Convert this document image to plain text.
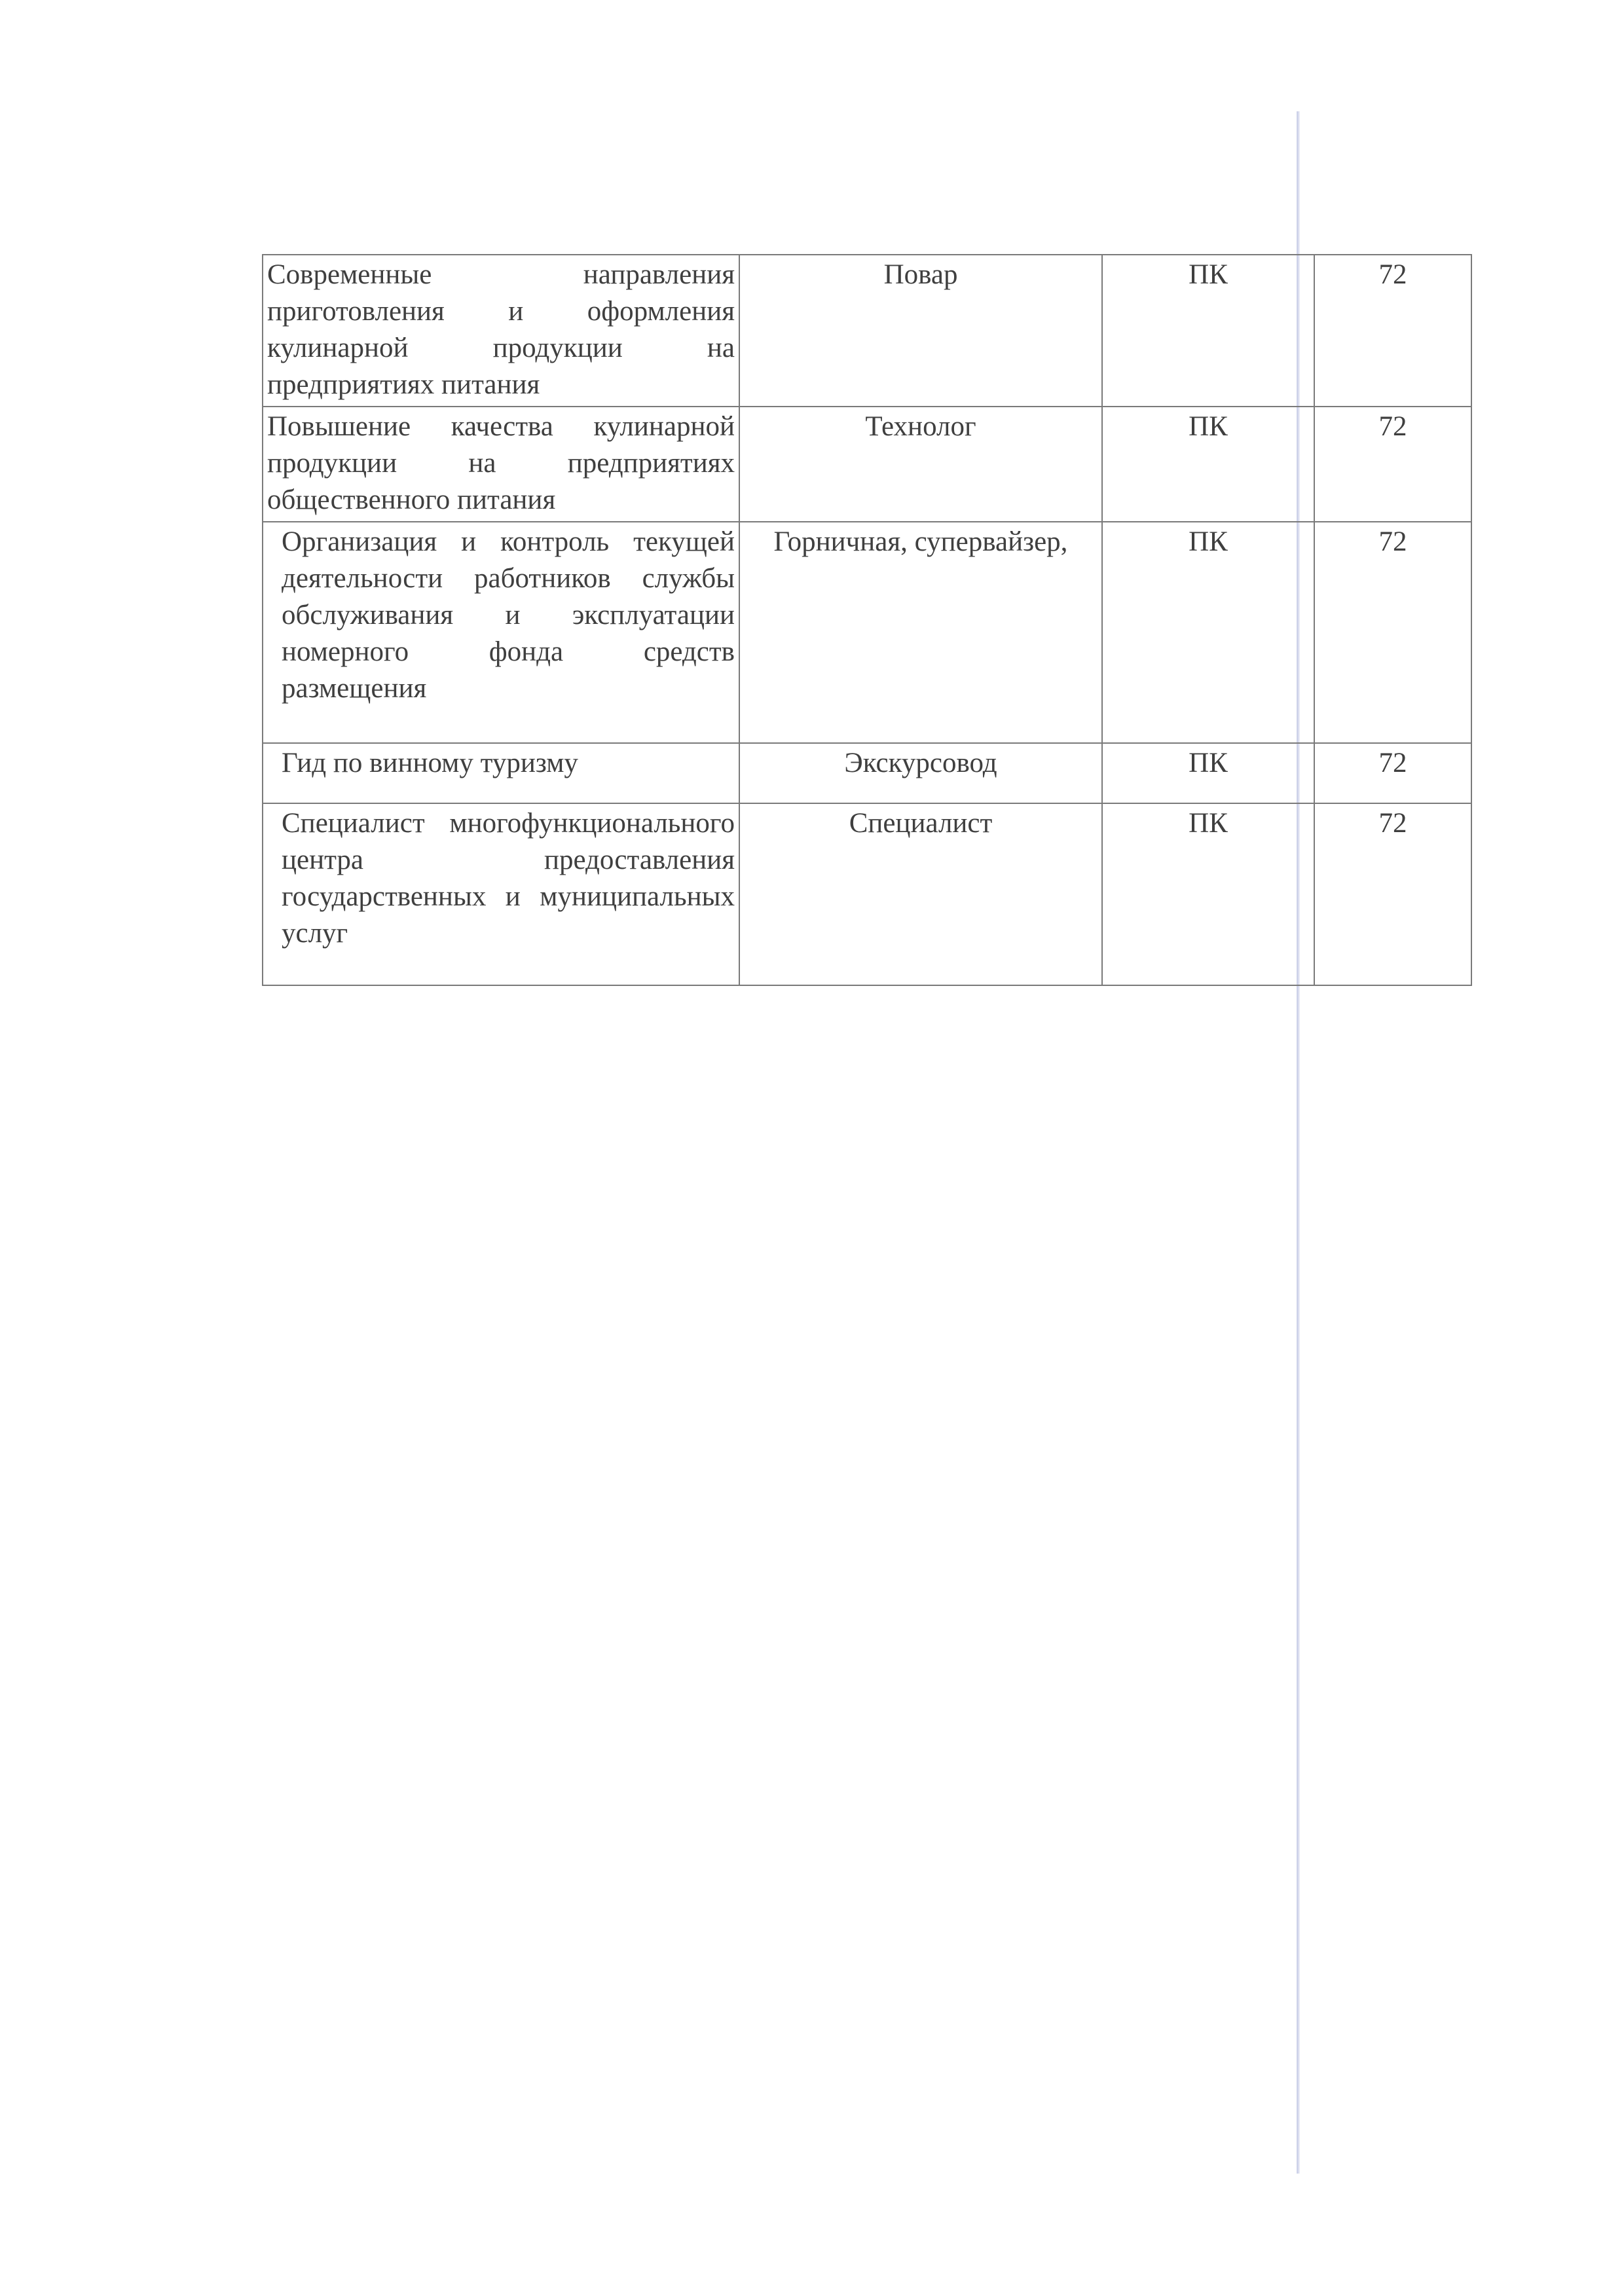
Современные направления приготовления и оформления кулинарной продукции на предприятиях питания	Повар	ПК	72
Повышение качества кулинарной продукции на предприятиях общественного питания	Технолог	ПК	72
Организация и контроль текущей деятельности работников службы обслуживания и эксплуатации номерного фонда средств размещения	Горничная, супервайзер,	ПК	72
Гид по винному туризму	Экскурсовод	ПК	72
Специалист многофункционального центра предоставления государственных и муниципальных услуг	Специалист	ПК	72
